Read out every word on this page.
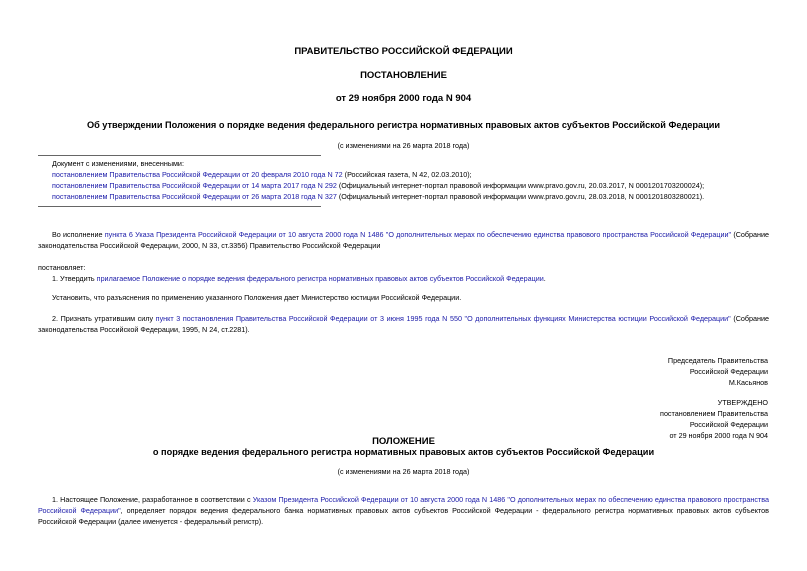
ПРАВИТЕЛЬСТВО РОССИЙСКОЙ ФЕДЕРАЦИИ
ПОСТАНОВЛЕНИЕ
от 29 ноября 2000 года N 904
Об утверждении Положения о порядке ведения федерального регистра нормативных правовых актов субъектов Российской Федерации
(с изменениями на 26 марта 2018 года)
Документ с изменениями, внесенными:
постановлением Правительства Российской Федерации от 20 февраля 2010 года N 72 (Российская газета, N 42, 02.03.2010);
постановлением Правительства Российской Федерации от 14 марта 2017 года N 292 (Официальный интернет-портал правовой информации www.pravo.gov.ru, 20.03.2017, N 0001201703200024);
постановлением Правительства Российской Федерации от 26 марта 2018 года N 327 (Официальный интернет-портал правовой информации www.pravo.gov.ru, 28.03.2018, N 0001201803280021).
Во исполнение пункта 6 Указа Президента Российской Федерации от 10 августа 2000 года N 1486 "О дополнительных мерах по обеспечению единства правового пространства Российской Федерации" (Собрание законодательства Российской Федерации, 2000, N 33, ст.3356) Правительство Российской Федерации
постановляет:
1. Утвердить прилагаемое Положение о порядке ведения федерального регистра нормативных правовых актов субъектов Российской Федерации.
Установить, что разъяснения по применению указанного Положения дает Министерство юстиции Российской Федерации.
2. Признать утратившим силу пункт 3 постановления Правительства Российской Федерации от 3 июня 1995 года N 550 "О дополнительных функциях Министерства юстиции Российской Федерации" (Собрание законодательства Российской Федерации, 1995, N 24, ст.2281).
Председатель Правительства
Российской Федерации
М.Касьянов
УТВЕРЖДЕНО
постановлением Правительства
Российской Федерации
от 29 ноября 2000 года N 904
ПОЛОЖЕНИЕ
о порядке ведения федерального регистра нормативных правовых актов субъектов Российской Федерации
(с изменениями на 26 марта 2018 года)
1. Настоящее Положение, разработанное в соответствии с Указом Президента Российской Федерации от 10 августа 2000 года N 1486 "О дополнительных мерах по обеспечению единства правового пространства Российской Федерации", определяет порядок ведения федерального банка нормативных правовых актов субъектов Российской Федерации - федерального регистра нормативных правовых актов субъектов Российской Федерации (далее именуется - федеральный регистр).
